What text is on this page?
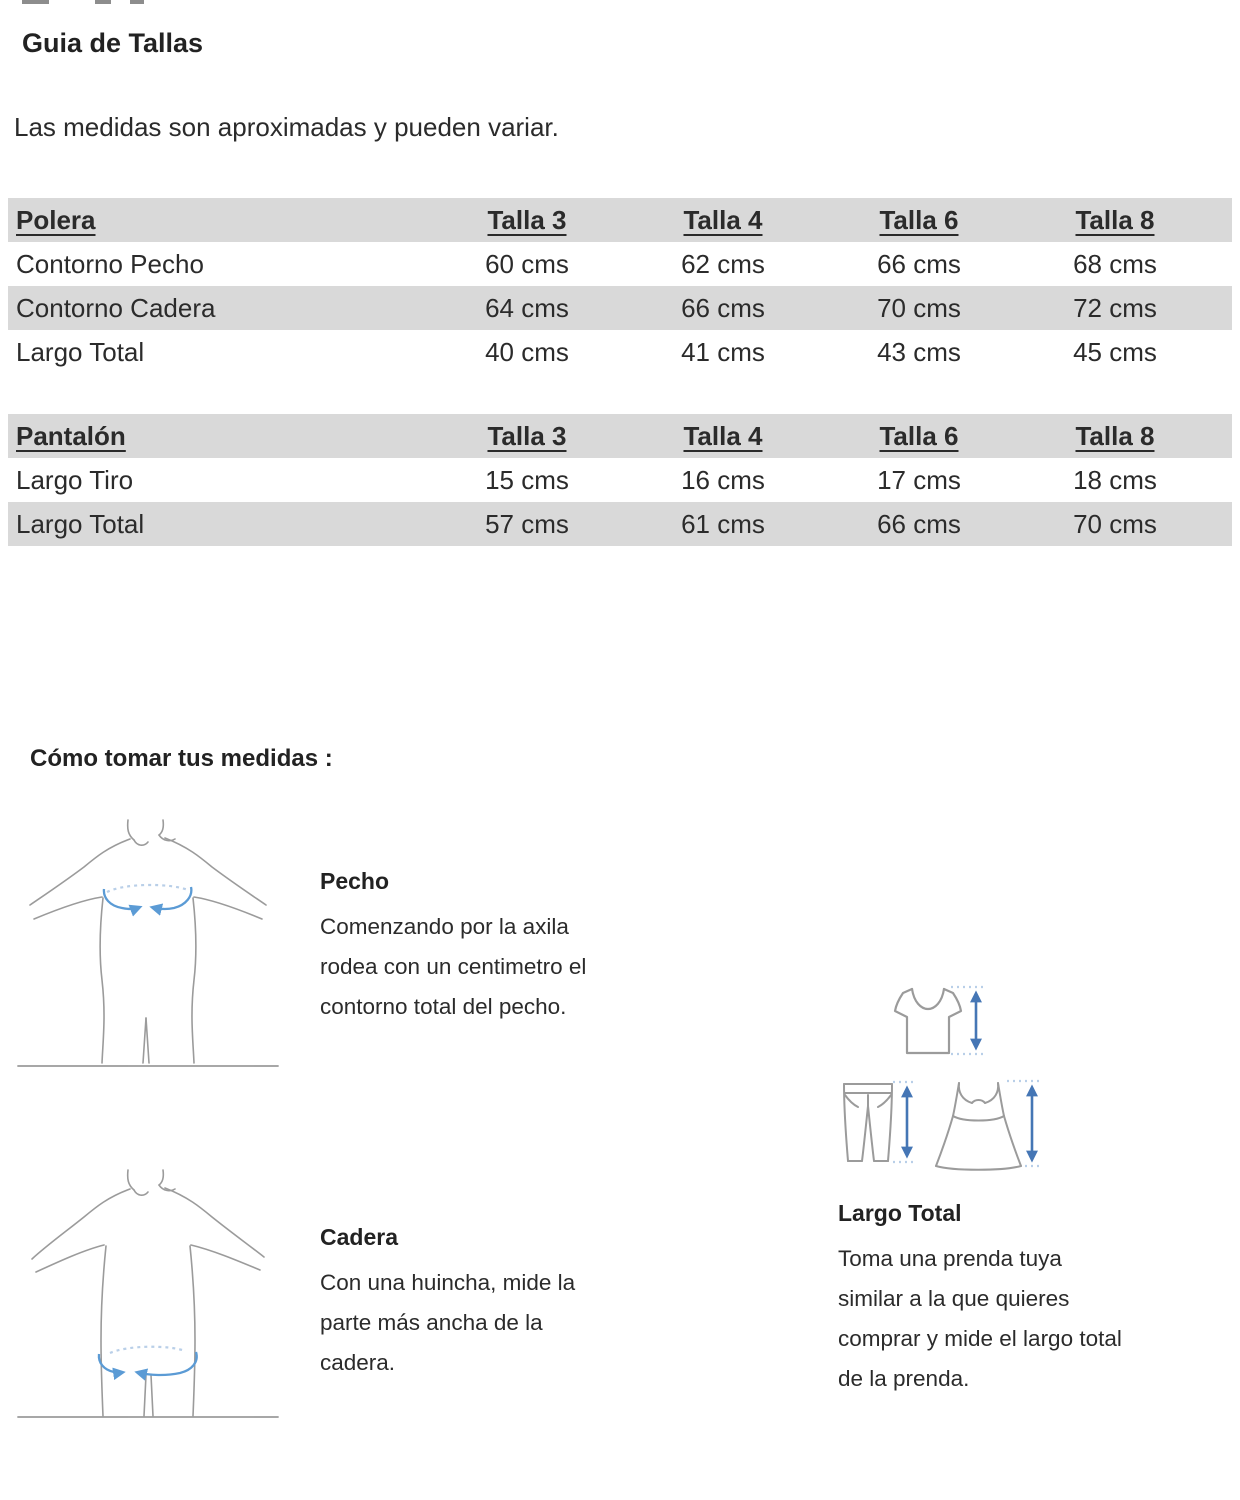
Guia de Tallas
Las medidas son aproximadas y pueden variar.
Polera	Talla 3	Talla 4	Talla 6	Talla 8
Contorno Pecho	60 cms	62 cms	66 cms	68 cms
Contorno Cadera	64 cms	66 cms	70 cms	72 cms
Largo Total	40 cms	41 cms	43 cms	45 cms
Pantalón	Talla 3	Talla 4	Talla 6	Talla 8
Largo Tiro	15 cms	16 cms	17 cms	18 cms
Largo Total	57 cms	61 cms	66 cms	70 cms
Cómo tomar tus medidas :
Pecho
Comenzando por la axila
rodea con un centimetro el
contorno total del pecho.
Largo Total
Toma una prenda tuya
similar a la que quieres
comprar y mide el largo total
de la prenda.
Cadera
Con una huincha, mide la
parte más ancha de la
cadera.
